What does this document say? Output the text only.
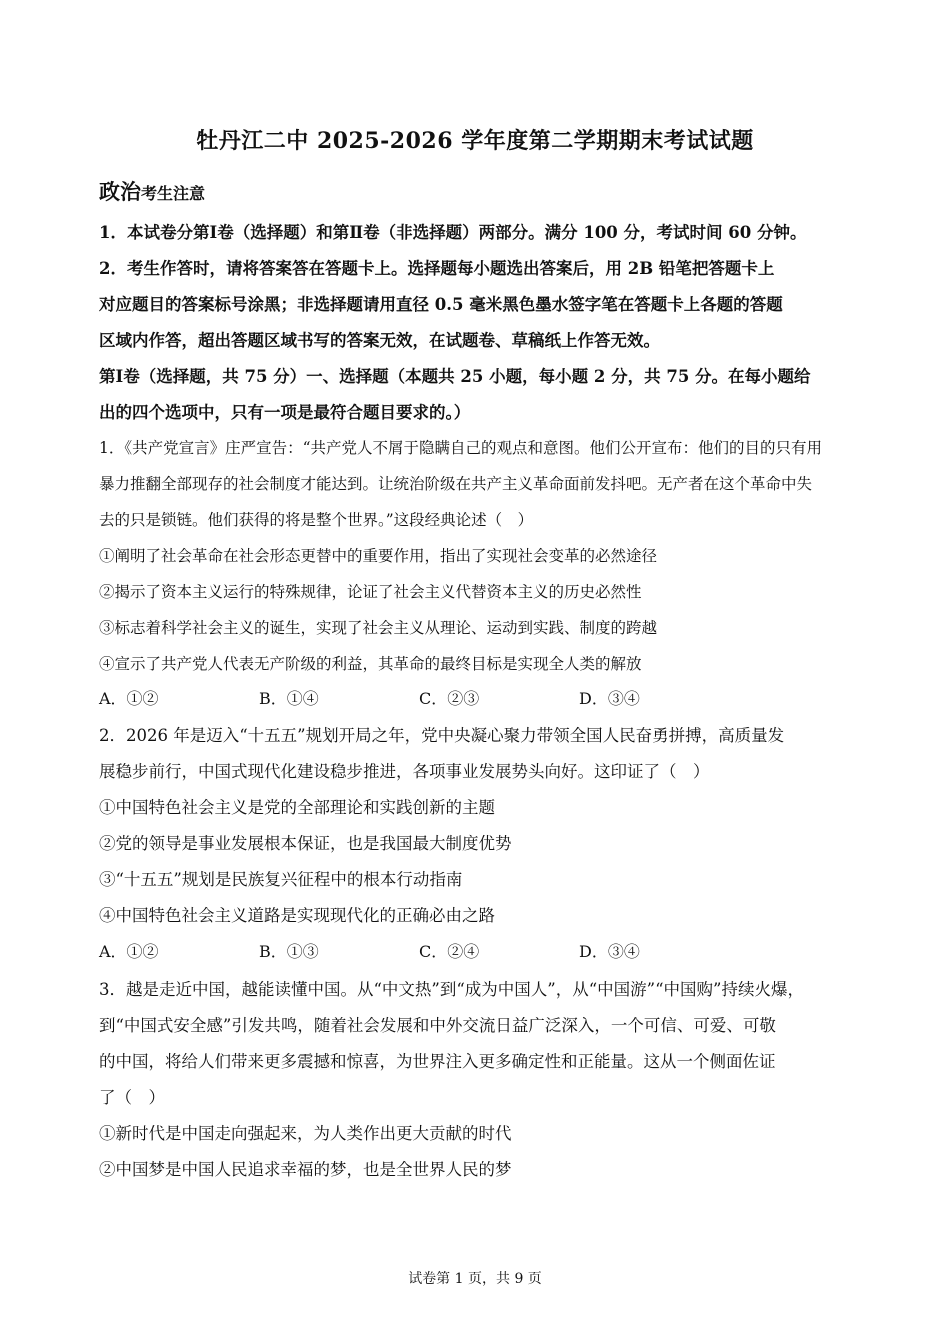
牡丹江二中 2025-2026 学年度第二学期期末考试试题
政治考生注意
1．本试卷分第Ⅰ卷（选择题）和第Ⅱ卷（非选择题）两部分。满分 100 分，考试时间 60 分钟。
2．考生作答时，请将答案答在答题卡上。选择题每小题选出答案后，用 2B 铅笔把答题卡上
对应题目的答案标号涂黑；非选择题请用直径 0.5 毫米黑色墨水签字笔在答题卡上各题的答题
区域内作答，超出答题区域书写的答案无效，在试题卷、草稿纸上作答无效。
第Ⅰ卷（选择题，共 75 分）一、选择题（本题共 25 小题，每小题 2 分，共 75 分。在每小题给
出的四个选项中，只有一项是最符合题目要求的。）
1．《共产党宣言》庄严宣告：“共产党人不屑于隐瞒自己的观点和意图。他们公开宣布：他们的目的只有用
暴力推翻全部现存的社会制度才能达到。让统治阶级在共产主义革命面前发抖吧。无产者在这个革命中失
去的只是锁链。他们获得的将是整个世界。”这段经典论述（　）
①阐明了社会革命在社会形态更替中的重要作用，指出了实现社会变革的必然途径
②揭示了资本主义运行的特殊规律，论证了社会主义代替资本主义的历史必然性
③标志着科学社会主义的诞生，实现了社会主义从理论、运动到实践、制度的跨越
④宣示了共产党人代表无产阶级的利益，其革命的最终目标是实现全人类的解放
A．①②	B．①④	C．②③	D．③④
2．2026 年是迈入“十五五”规划开局之年，党中央凝心聚力带领全国人民奋勇拼搏，高质量发
展稳步前行，中国式现代化建设稳步推进，各项事业发展势头向好。这印证了（　）
①中国特色社会主义是党的全部理论和实践创新的主题
②党的领导是事业发展根本保证，也是我国最大制度优势
③“十五五”规划是民族复兴征程中的根本行动指南
④中国特色社会主义道路是实现现代化的正确必由之路
A．①②	B．①③	C．②④	D．③④
3．越是走近中国，越能读懂中国。从“中文热”到“成为中国人”，从“中国游”“中国购”持续火爆，
到“中国式安全感”引发共鸣，随着社会发展和中外交流日益广泛深入，一个可信、可爱、可敬
的中国，将给人们带来更多震撼和惊喜，为世界注入更多确定性和正能量。这从一个侧面佐证
了（　）
①新时代是中国走向强起来，为人类作出更大贡献的时代
②中国梦是中国人民追求幸福的梦，也是全世界人民的梦
试卷第 1 页，共 9 页
